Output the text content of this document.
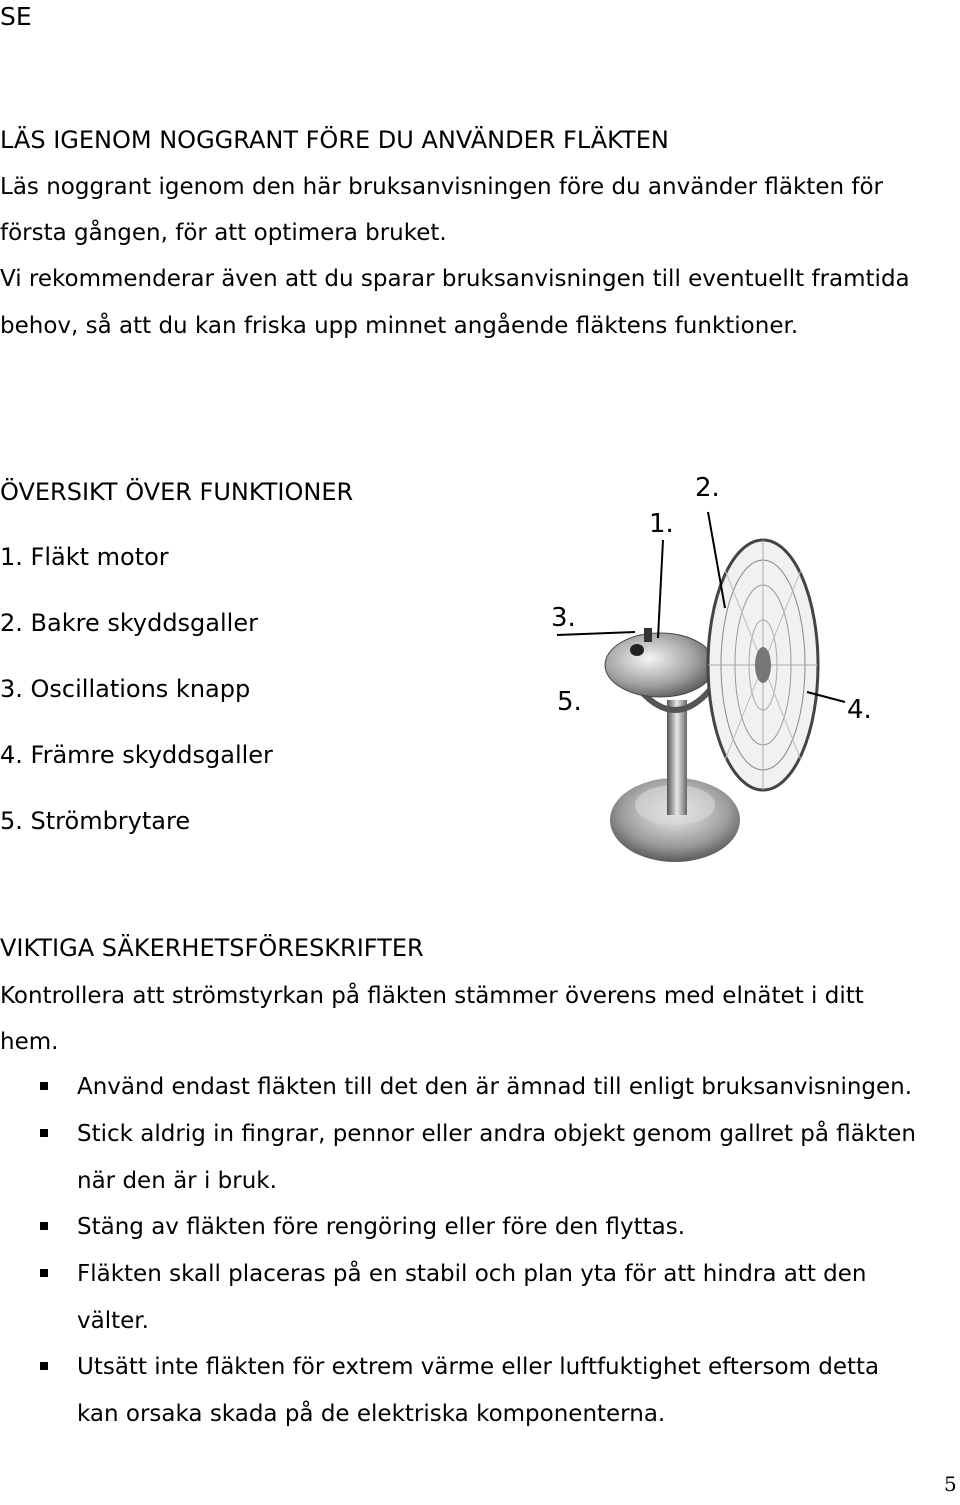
SE
LÄS IGENOM NOGGRANT FÖRE DU ANVÄNDER FLÄKTEN
Läs noggrant igenom den här bruksanvisningen före du använder fläkten för
första gången, för att optimera bruket.
Vi rekommenderar även att du sparar bruksanvisningen till eventuellt framtida
behov, så att du kan friska upp minnet angående fläktens funktioner.
ÖVERSIKT ÖVER FUNKTIONER
1. Fläkt motor
2. Bakre skyddsgaller
3. Oscillations knapp
4. Främre skyddsgaller
5. Strömbrytare
1.
2.
3.
4.
5.
VIKTIGA SÄKERHETSFÖRESKRIFTER
Kontrollera att strömstyrkan på fläkten stämmer överens med elnätet i ditt
hem.
Använd endast fläkten till det den är ämnad till enligt bruksanvisningen.
Stick aldrig in fingrar, pennor eller andra objekt genom gallret på fläkten
när den är i bruk.
Stäng av fläkten före rengöring eller före den flyttas.
Fläkten skall placeras på en stabil och plan yta för att hindra att den
välter.
Utsätt inte fläkten för extrem värme eller luftfuktighet eftersom detta
kan orsaka skada på de elektriska komponenterna.
5
